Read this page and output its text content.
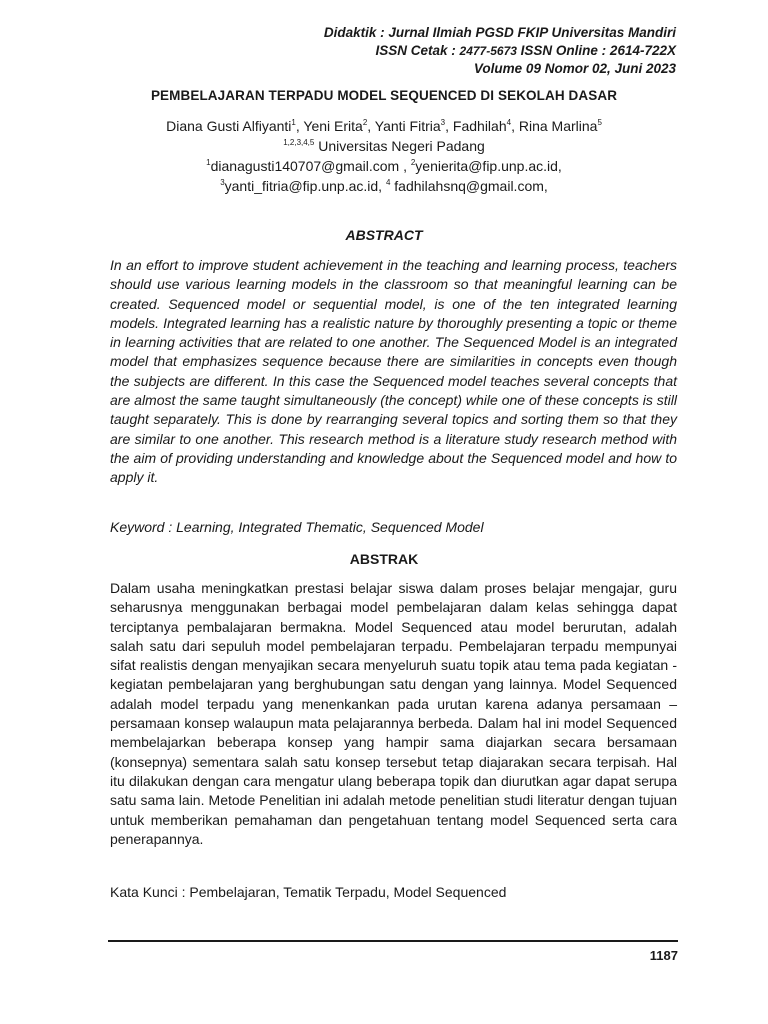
Didaktik : Jurnal Ilmiah PGSD FKIP Universitas Mandiri
ISSN Cetak : 2477-5673 ISSN Online : 2614-722X
Volume 09 Nomor 02, Juni 2023
PEMBELAJARAN TERPADU MODEL SEQUENCED DI SEKOLAH DASAR
Diana Gusti Alfiyanti$^1$, Yeni Erita$^2$, Yanti Fitria$^3$, Fadhilah$^4$, Rina Marlina$^5$
$^{1,2,3,4,5}$ Universitas Negeri Padang
$^1$dianagusti140707@gmail.com , $^2$yenierita@fip.unp.ac.id,
$^3$yanti_fitria@fip.unp.ac.id, $^4$ fadhilahsnq@gmail.com,
ABSTRACT

In an effort to improve student achievement in the teaching and learning process, teachers should use various learning models in the classroom so that meaningful learning can be created. Sequenced model or sequential model, is one of the ten integrated learning models. Integrated learning has a realistic nature by thoroughly presenting a topic or theme in learning activities that are related to one another. The Sequenced Model is an integrated model that emphasizes sequence because there are similarities in concepts even though the subjects are different. In this case the Sequenced model teaches several concepts that are almost the same taught simultaneously (the concept) while one of these concepts is still taught separately. This is done by rearranging several topics and sorting them so that they are similar to one another. This research method is a literature study research method with the aim of providing understanding and knowledge about the Sequenced model and how to apply it.

Keyword : Learning, Integrated Thematic, Sequenced Model

ABSTRAK

Dalam usaha meningkatkan prestasi belajar siswa dalam proses belajar mengajar, guru seharusnya menggunakan berbagai model pembelajaran dalam kelas sehingga dapat terciptanya pembalajaran bermakna. Model Sequenced atau model berurutan, adalah salah satu dari sepuluh model pembelajaran terpadu. Pembelajaran terpadu mempunyai sifat realistis dengan menyajikan secara menyeluruh suatu topik atau tema pada kegiatan - kegiatan pembelajaran yang berghubungan satu dengan yang lainnya. Model Sequenced adalah model terpadu yang menenkankan pada urutan karena adanya persamaan –persamaan konsep walaupun mata pelajarannya berbeda. Dalam hal ini model Sequenced membelajarkan beberapa konsep yang hampir sama diajarkan secara bersamaan (konsepnya) sementara salah satu konsep tersebut tetap diajarakan secara terpisah. Hal itu dilakukan dengan cara mengatur ulang beberapa topik dan diurutkan agar dapat serupa satu sama lain. Metode Penelitian ini adalah metode penelitian studi literatur dengan tujuan untuk memberikan pemahaman dan pengetahuan tentang model Sequenced serta cara penerapannya.

Kata Kunci : Pembelajaran, Tematik Terpadu, Model Sequenced

1187
